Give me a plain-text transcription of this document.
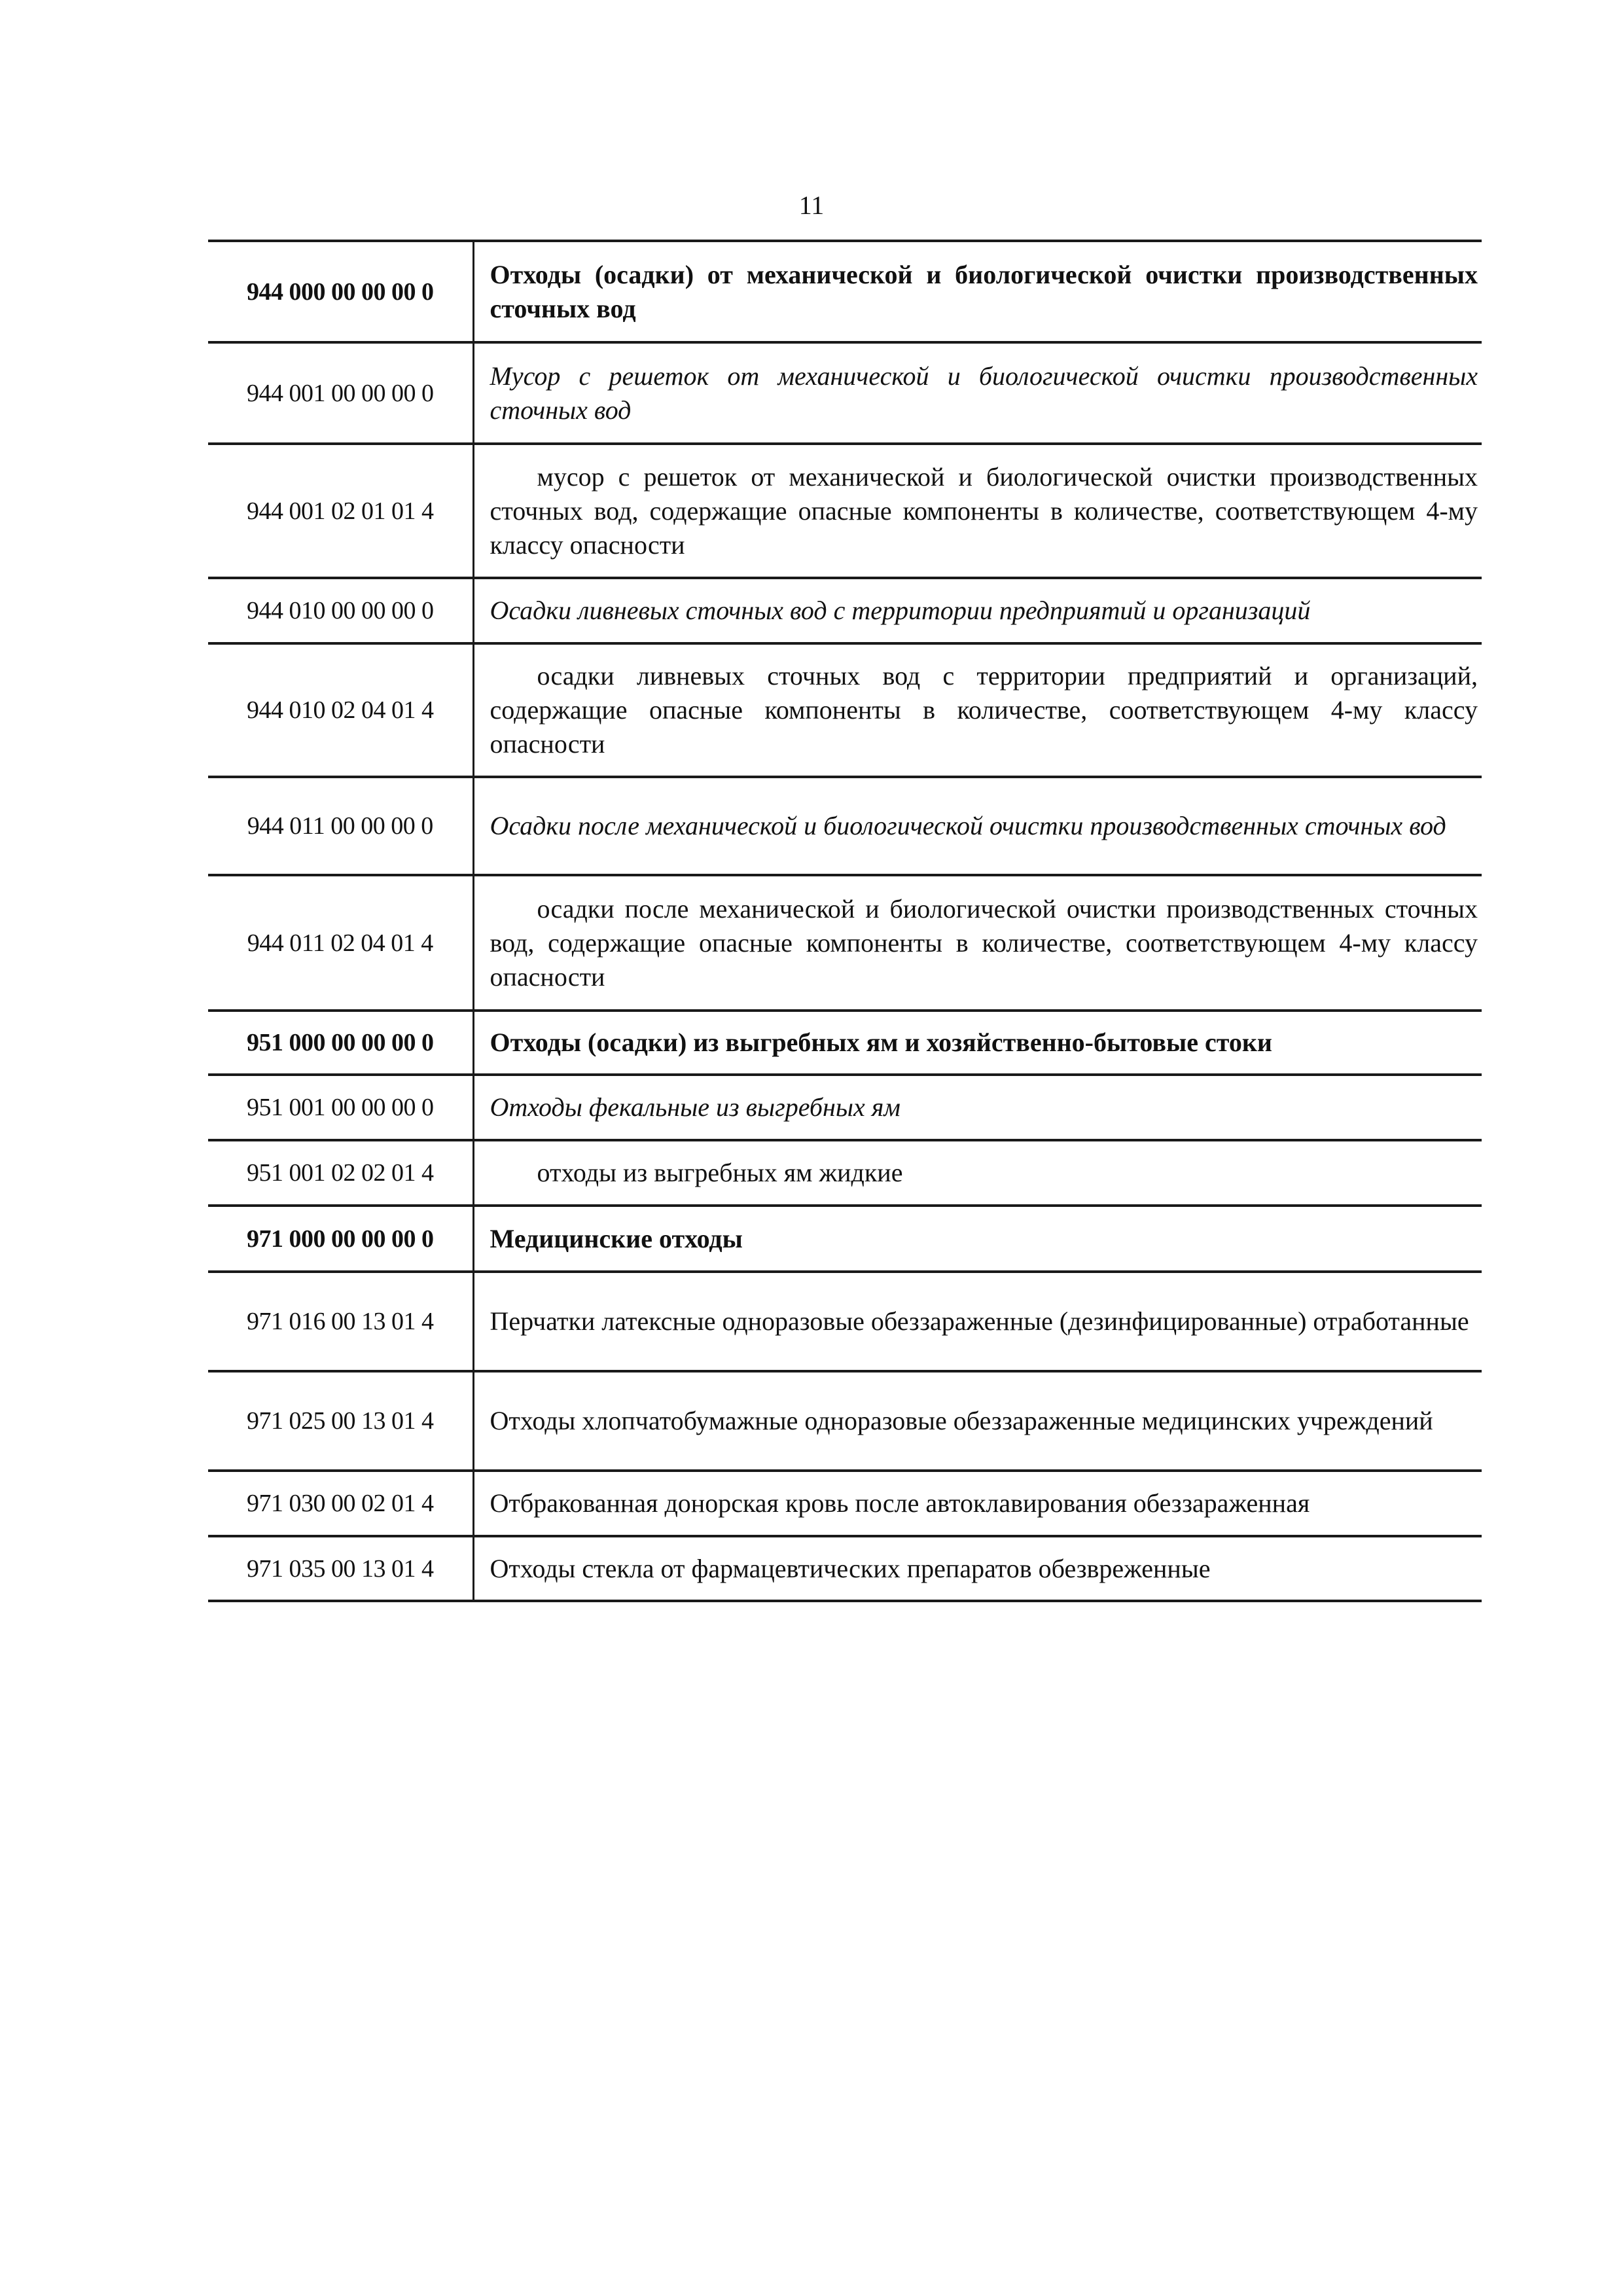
11
944 000 00 00 00 0	Отходы (осадки) от механической и биологической очистки производственных сточных вод
944 001 00 00 00 0	Мусор с решеток от механической и биологической очистки производственных сточных вод
944 001 02 01 01 4	мусор с решеток от механической и биологической очистки производственных сточных вод, содержащие опасные компоненты в количестве, соответствующем 4-му классу опасности
944 010 00 00 00 0	Осадки ливневых сточных вод с территории предприятий и организаций
944 010 02 04 01 4	осадки ливневых сточных вод с территории предприятий и организаций, содержащие опасные компоненты в количестве, соответствующем 4-му классу опасности
944 011 00 00 00 0	Осадки после механической и биологической очистки производственных сточных вод
944 011 02 04 01 4	осадки после механической и биологической очистки производственных сточных вод, содержащие опасные компоненты в количестве, соответствующем 4-му классу опасности
951 000 00 00 00 0	Отходы (осадки) из выгребных ям и хозяйственно-бытовые стоки
951 001 00 00 00 0	Отходы фекальные из выгребных ям
951 001 02 02 01 4	отходы из выгребных ям жидкие
971 000 00 00 00 0	Медицинские отходы
971 016 00 13 01 4	Перчатки латексные одноразовые обеззараженные (дезинфицированные) отработанные
971 025 00 13 01 4	Отходы хлопчатобумажные одноразовые обеззараженные медицинских учреждений
971 030 00 02 01 4	Отбракованная донорская кровь после автоклавирования обеззараженная
971 035 00 13 01 4	Отходы стекла от фармацевтических препаратов обезвреженные
